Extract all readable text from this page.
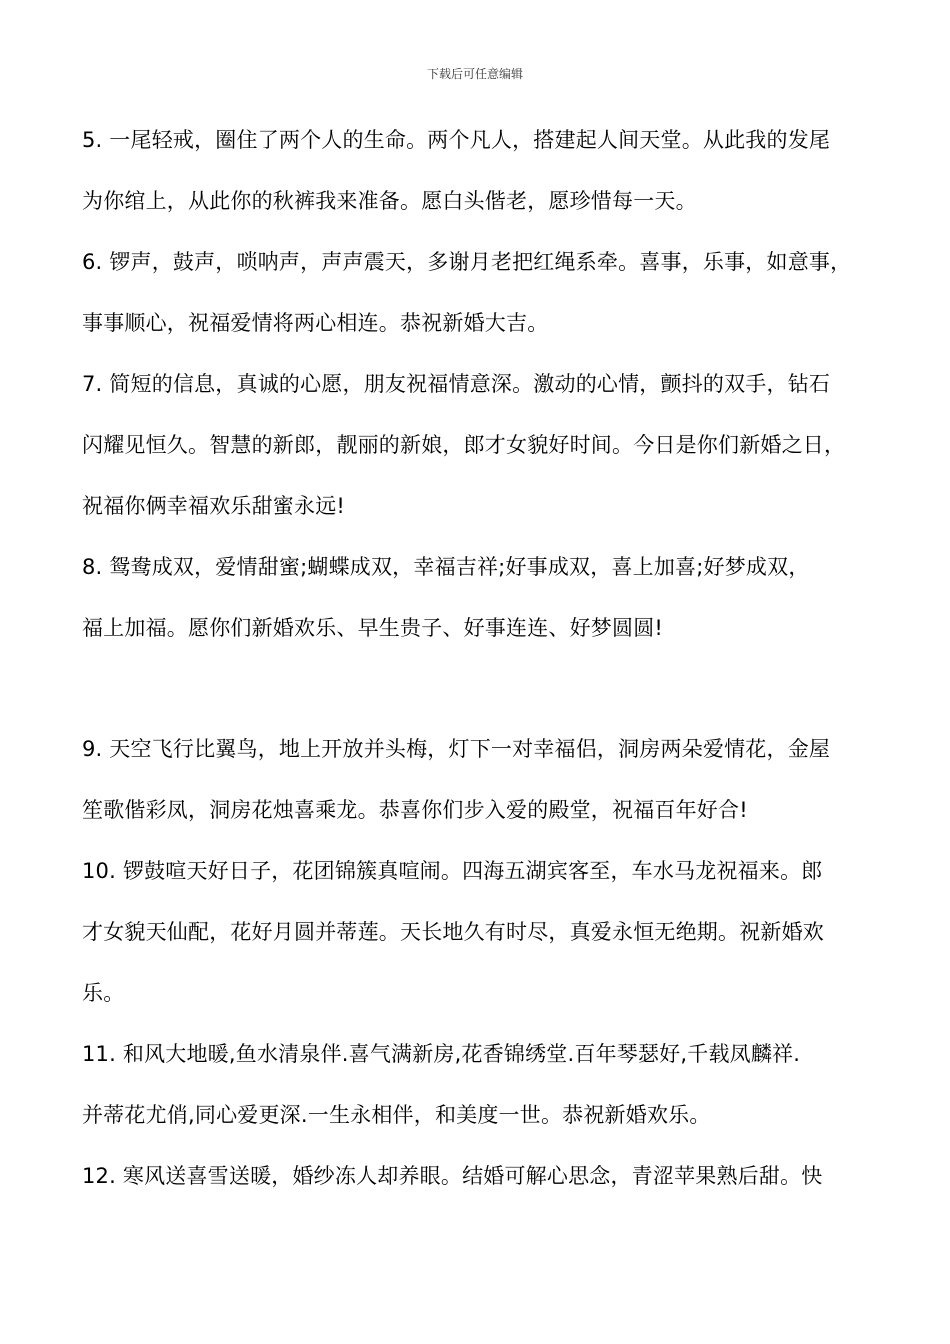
下载后可任意编辑
5. 一尾轻戒，圈住了两个人的生命。两个凡人，搭建起人间天堂。从此我的发尾
为你绾上，从此你的秋裤我来准备。愿白头偕老，愿珍惜每一天。
6. 锣声，鼓声，唢呐声，声声震天，多谢月老把红绳系牵。喜事，乐事，如意事，
事事顺心，祝福爱情将两心相连。恭祝新婚大吉。
7. 简短的信息，真诚的心愿，朋友祝福情意深。激动的心情，颤抖的双手，钻石
闪耀见恒久。智慧的新郎，靓丽的新娘，郎才女貌好时间。今日是你们新婚之日，
祝福你俩幸福欢乐甜蜜永远!
8. 鸳鸯成双，爱情甜蜜;蝴蝶成双，幸福吉祥;好事成双，喜上加喜;好梦成双，
福上加福。愿你们新婚欢乐、早生贵子、好事连连、好梦圆圆!
9. 天空飞行比翼鸟，地上开放并头梅，灯下一对幸福侣，洞房两朵爱情花，金屋
笙歌偕彩凤，洞房花烛喜乘龙。恭喜你们步入爱的殿堂，祝福百年好合!
10. 锣鼓喧天好日子，花团锦簇真喧闹。四海五湖宾客至，车水马龙祝福来。郎
才女貌天仙配，花好月圆并蒂莲。天长地久有时尽，真爱永恒无绝期。祝新婚欢
乐。
11. 和风大地暖,鱼水清泉伴.喜气满新房,花香锦绣堂.百年琴瑟好,千载凤麟祥.
并蒂花尤俏,同心爱更深.一生永相伴，和美度一世。恭祝新婚欢乐。
12. 寒风送喜雪送暖，婚纱冻人却养眼。结婚可解心思念，青涩苹果熟后甜。快
